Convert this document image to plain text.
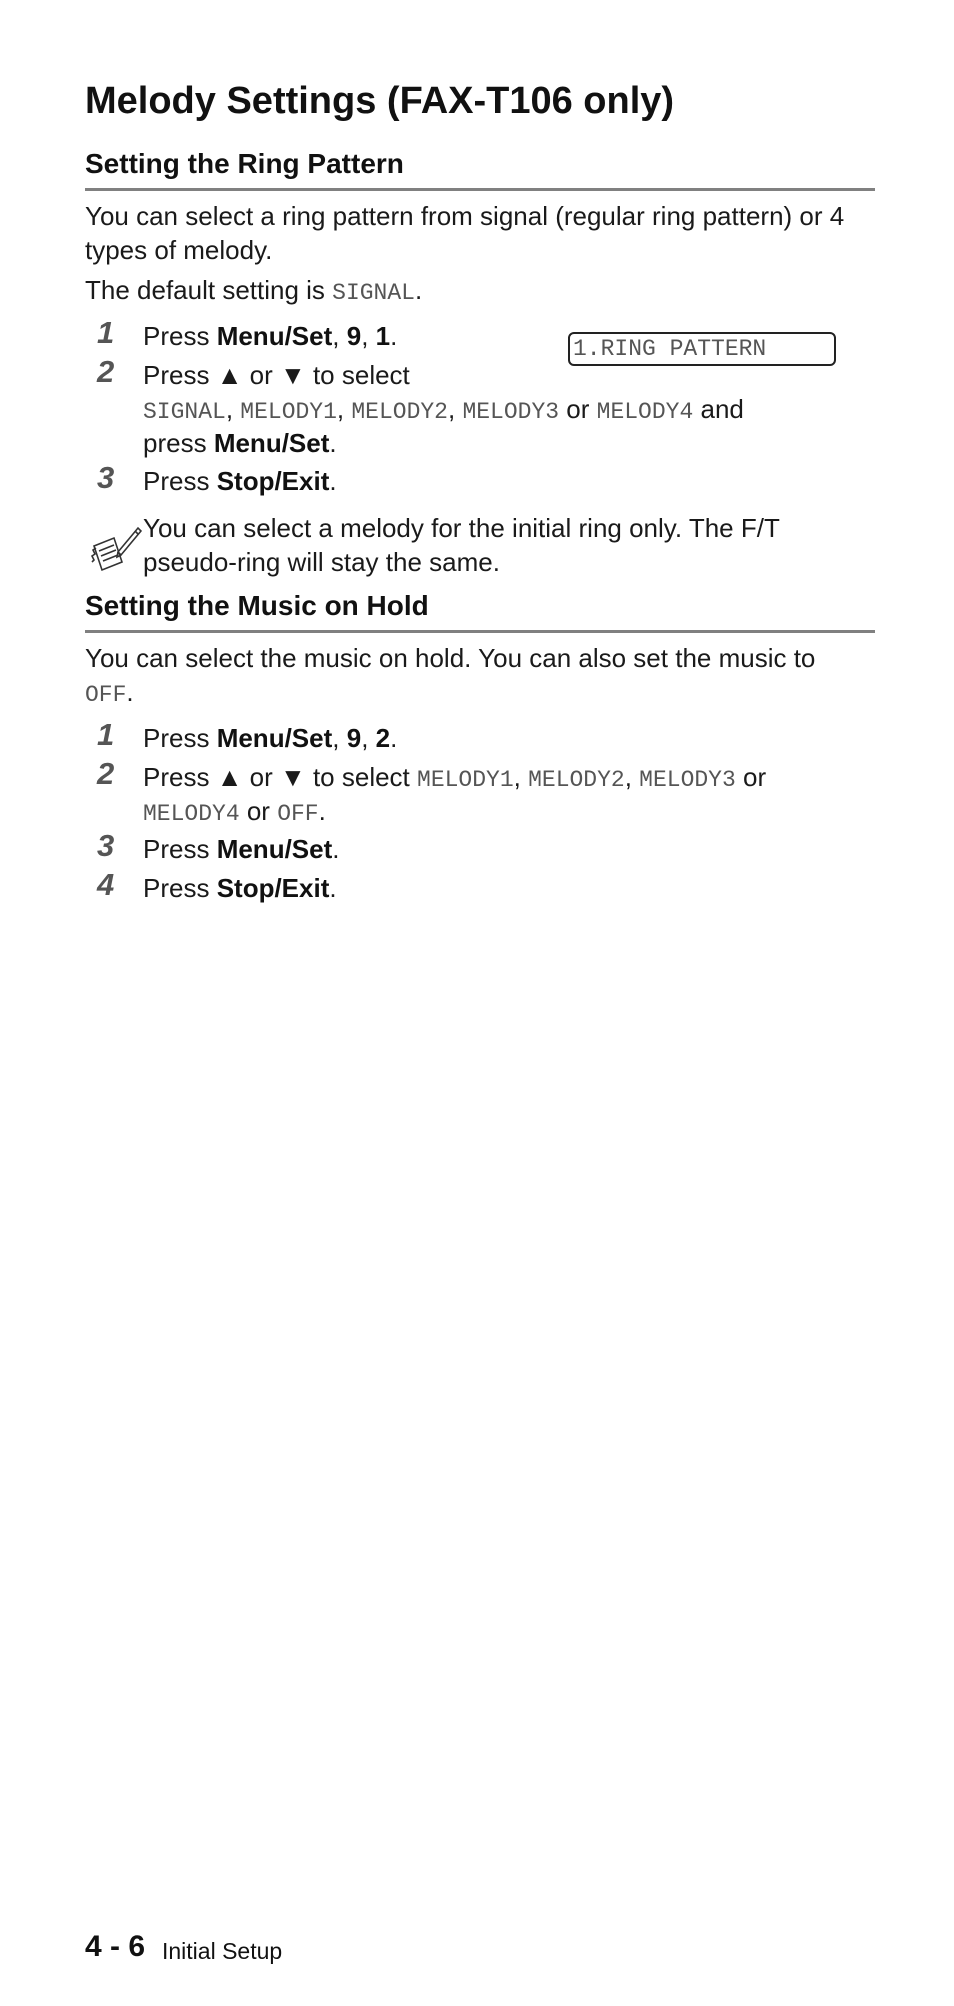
Melody Settings (FAX-T106 only)
Setting the Ring Pattern
You can select a ring pattern from signal (regular ring pattern) or 4 types of melody.
The default setting is SIGNAL.
1.RING PATTERN
1 Press Menu/Set, 9, 1.
2 Press ▲ or ▼ to select
SIGNAL, MELODY1, MELODY2, MELODY3 or MELODY4 and
press Menu/Set.
3 Press Stop/Exit.
You can select a melody for the initial ring only. The F/T pseudo-ring will stay the same.
Setting the Music on Hold
You can select the music on hold. You can also set the music to
OFF.
1 Press Menu/Set, 9, 2.
2 Press ▲ or ▼ to select MELODY1, MELODY2, MELODY3 or
MELODY4 or OFF.
3 Press Menu/Set.
4 Press Stop/Exit.
4 - 6 Initial Setup
